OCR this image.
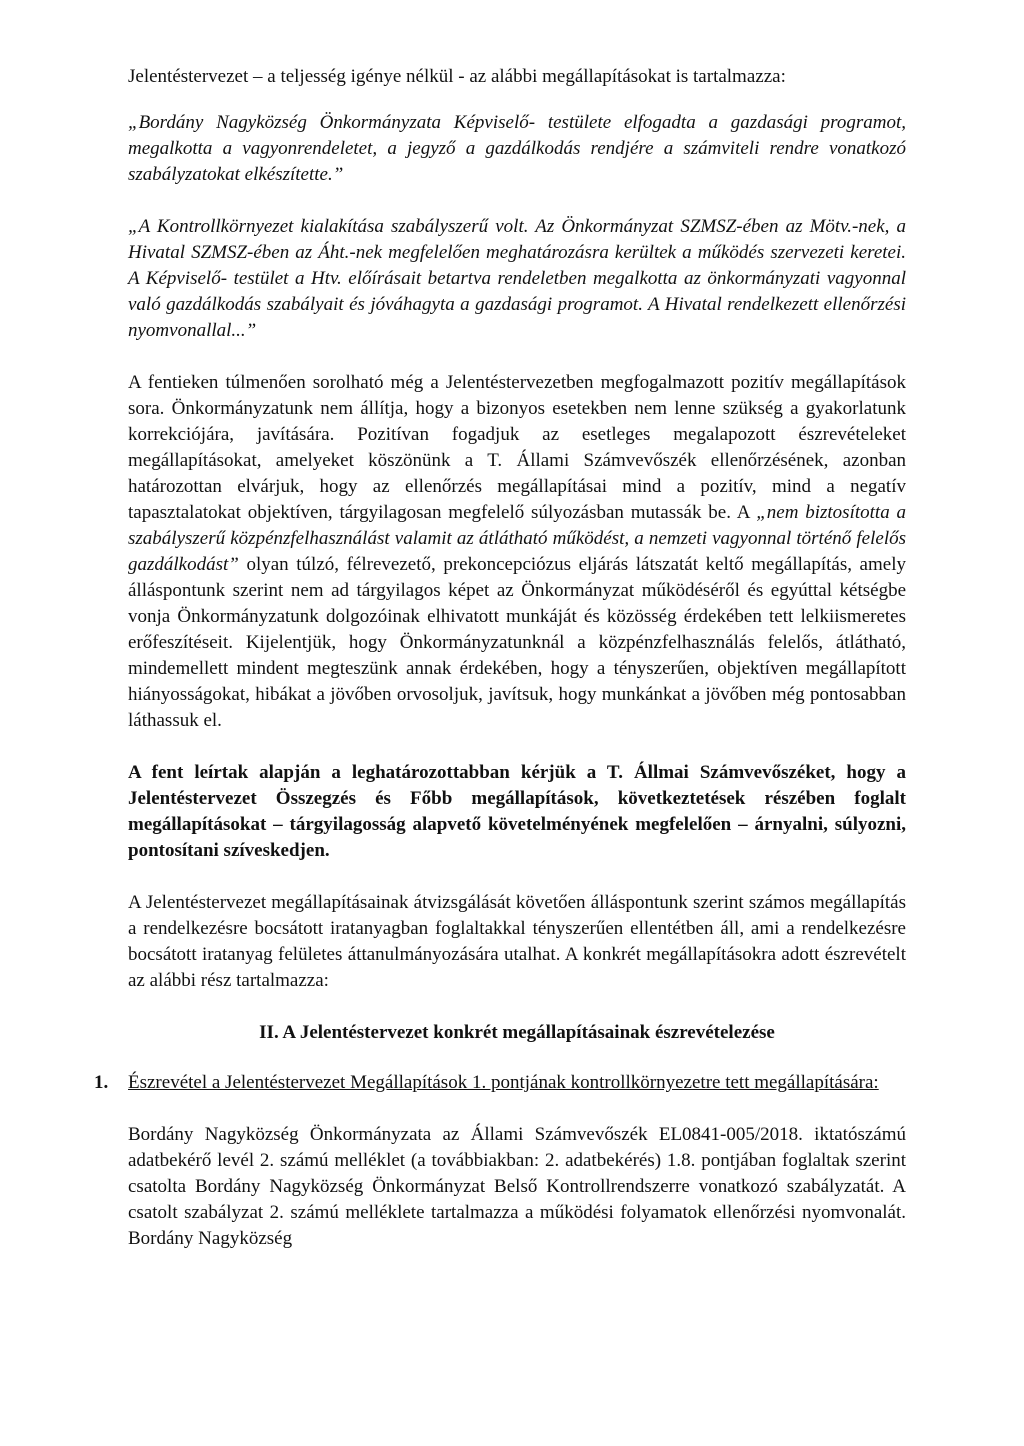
Jelentéstervezet – a teljesség igénye nélkül - az alábbi megállapításokat is tartalmazza:

„Bordány Nagyközség Önkormányzata Képviselő- testülete elfogadta a gazdasági programot, megalkotta a vagyonrendeletet, a jegyző a gazdálkodás rendjére a számviteli rendre vonatkozó szabályzatokat elkészítette.”

„A Kontrollkörnyezet kialakítása szabályszerű volt. Az Önkormányzat SZMSZ-ében az Mötv.-nek, a Hivatal SZMSZ-ében az Áht.-nek megfelelően meghatározásra kerültek a működés szervezeti keretei. A Képviselő- testület a Htv. előírásait betartva rendeletben megalkotta az önkormányzati vagyonnal való gazdálkodás szabályait és jóváhagyta a gazdasági programot. A Hivatal rendelkezett ellenőrzési nyomvonallal...”

A fentieken túlmenően sorolható még a Jelentéstervezetben megfogalmazott pozitív megállapítások sora. Önkormányzatunk nem állítja, hogy a bizonyos esetekben nem lenne szükség a gyakorlatunk korrekciójára, javítására. Pozitívan fogadjuk az esetleges megalapozott észrevételeket megállapításokat, amelyeket köszönünk a T. Állami Számvevőszék ellenőrzésének, azonban határozottan elvárjuk, hogy az ellenőrzés megállapításai mind a pozitív, mind a negatív tapasztalatokat objektíven, tárgyilagosan megfelelő súlyozásban mutassák be. A „nem biztosította a szabályszerű közpénzfelhasználást valamit az átlátható működést, a nemzeti vagyonnal történő felelős gazdálkodást” olyan túlzó, félrevezető, prekoncepciózus eljárás látszatát keltő megállapítás, amely álláspontunk szerint nem ad tárgyilagos képet az Önkormányzat működéséről és egyúttal kétségbe vonja Önkormányzatunk dolgozóinak elhivatott munkáját és közösség érdekében tett lelkiismeretes erőfeszítéseit. Kijelentjük, hogy Önkormányzatunknál a közpénzfelhasználás felelős, átlátható, mindemellett mindent megteszünk annak érdekében, hogy a tényszerűen, objektíven megállapított hiányosságokat, hibákat a jövőben orvosoljuk, javítsuk, hogy munkánkat a jövőben még pontosabban láthassuk el.

A fent leírtak alapján a leghatározottabban kérjük a T. Állmai Számvevőszéket, hogy a Jelentéstervezet Összegzés és Főbb megállapítások, következtetések részében foglalt megállapításokat – tárgyilagosság alapvető követelményének megfelelően – árnyalni, súlyozni, pontosítani szíveskedjen.

A Jelentéstervezet megállapításainak átvizsgálását követően álláspontunk szerint számos megállapítás a rendelkezésre bocsátott iratanyagban foglaltakkal tényszerűen ellentétben áll, ami a rendelkezésre bocsátott iratanyag felületes áttanulmányozására utalhat. A konkrét megállapításokra adott észrevételt az alábbi rész tartalmazza:

II. A Jelentéstervezet konkrét megállapításainak észrevételezése

1. Észrevétel a Jelentéstervezet Megállapítások 1. pontjának kontrollkörnyezetre tett megállapítására:

Bordány Nagyközség Önkormányzata az Állami Számvevőszék EL0841-005/2018. iktatószámú adatbekérő levél 2. számú melléklet (a továbbiakban: 2. adatbekérés) 1.8. pontjában foglaltak szerint csatolta Bordány Nagyközség Önkormányzat Belső Kontrollrendszerre vonatkozó szabályzatát. A csatolt szabályzat 2. számú melléklete tartalmazza a működési folyamatok ellenőrzési nyomvonalát. Bordány Nagyközség
